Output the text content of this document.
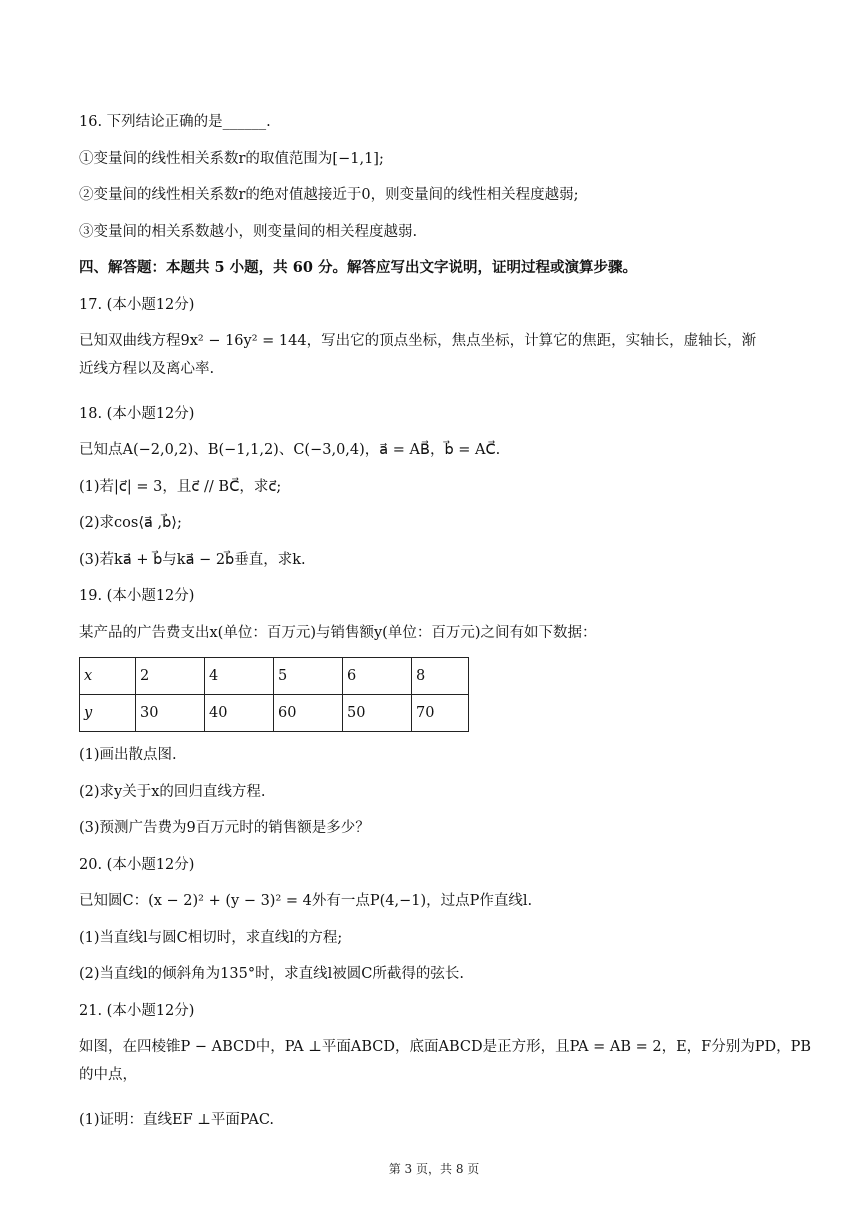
16. 下列结论正确的是______.
①变量间的线性相关系数r的取值范围为[−1,1];
②变量间的线性相关系数r的绝对值越接近于0，则变量间的线性相关程度越弱;
③变量间的相关系数越小，则变量间的相关程度越弱.
四、解答题：本题共 5 小题，共 60 分。解答应写出文字说明，证明过程或演算步骤。
17. (本小题12分)
已知双曲线方程9x² − 16y² = 144，写出它的顶点坐标，焦点坐标，计算它的焦距，实轴长，虚轴长，渐
近线方程以及离心率.
18. (本小题12分)
已知点A(−2,0,2)、B(−1,1,2)、C(−3,0,4)，a⃗ = AB⃗，b⃗ = AC⃗.
(1)若|c⃗| = 3，且c⃗ // BC⃗，求c⃗;
(2)求cos⟨a⃗ ,b⃗⟩;
(3)若ka⃗ + b⃗与ka⃗ − 2b⃗垂直，求k.
19. (本小题12分)
某产品的广告费支出x(单位：百万元)与销售额y(单位：百万元)之间有如下数据：
x	2	4	5	6	8
y	30	40	60	50	70
(1)画出散点图.
(2)求y关于x的回归直线方程.
(3)预测广告费为9百万元时的销售额是多少？
20. (本小题12分)
已知圆C：(x − 2)² + (y − 3)² = 4外有一点P(4,−1)，过点P作直线l.
(1)当直线l与圆C相切时，求直线l的方程;
(2)当直线l的倾斜角为135°时，求直线l被圆C所截得的弦长.
21. (本小题12分)
如图，在四棱锥P − ABCD中，PA ⊥平面ABCD，底面ABCD是正方形，且PA = AB = 2，E，F分别为PD，PB
的中点，
(1)证明：直线EF ⊥平面PAC.
第 3 页，共 8 页
